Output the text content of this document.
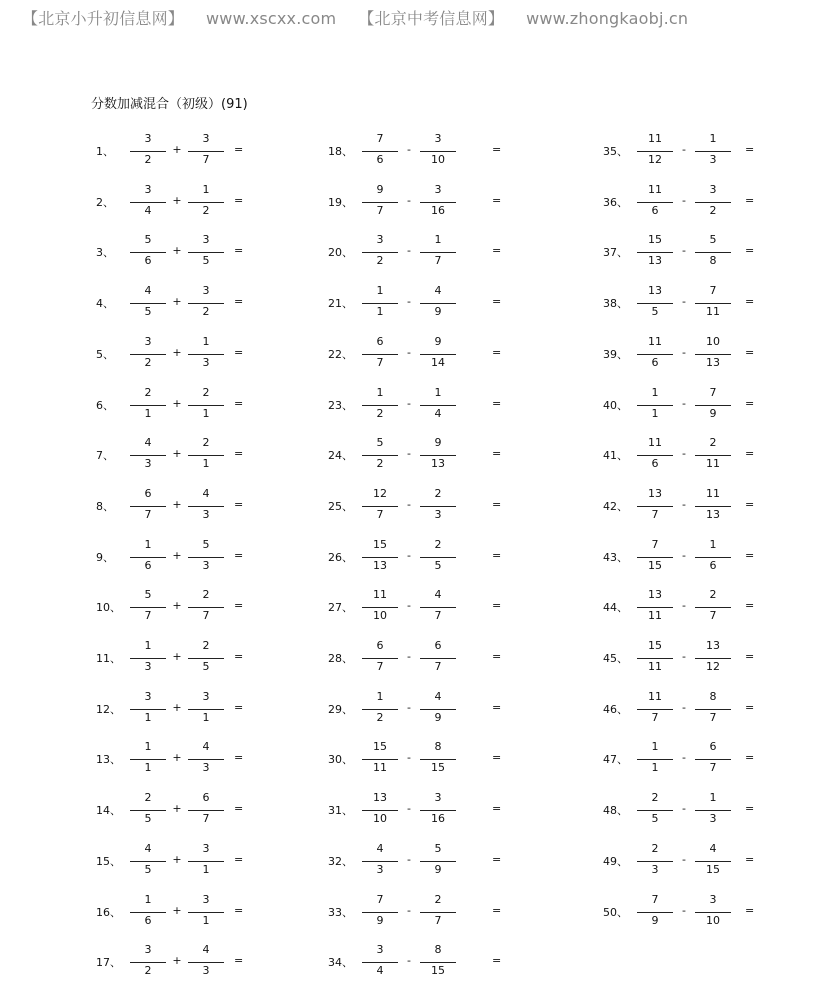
【北京小升初信息网】 www.xscxx.com 【北京中考信息网】 www.zhongkaobj.cn
分数加减混合（初级）(91)
1、
3
2
+
3
7
=
2、
3
4
+
1
2
=
3、
5
6
+
3
5
=
4、
4
5
+
3
2
=
5、
3
2
+
1
3
=
6、
2
1
+
2
1
=
7、
4
3
+
2
1
=
8、
6
7
+
4
3
=
9、
1
6
+
5
3
=
10、
5
7
+
2
7
=
11、
1
3
+
2
5
=
12、
3
1
+
3
1
=
13、
1
1
+
4
3
=
14、
2
5
+
6
7
=
15、
4
5
+
3
1
=
16、
1
6
+
3
1
=
17、
3
2
+
4
3
=
18、
7
6
-
3
10
=
19、
9
7
-
3
16
=
20、
3
2
-
1
7
=
21、
1
1
-
4
9
=
22、
6
7
-
9
14
=
23、
1
2
-
1
4
=
24、
5
2
-
9
13
=
25、
12
7
-
2
3
=
26、
15
13
-
2
5
=
27、
11
10
-
4
7
=
28、
6
7
-
6
7
=
29、
1
2
-
4
9
=
30、
15
11
-
8
15
=
31、
13
10
-
3
16
=
32、
4
3
-
5
9
=
33、
7
9
-
2
7
=
34、
3
4
-
8
15
=
35、
11
12
-
1
3
=
36、
11
6
-
3
2
=
37、
15
13
-
5
8
=
38、
13
5
-
7
11
=
39、
11
6
-
10
13
=
40、
1
1
-
7
9
=
41、
11
6
-
2
11
=
42、
13
7
-
11
13
=
43、
7
15
-
1
6
=
44、
13
11
-
2
7
=
45、
15
11
-
13
12
=
46、
11
7
-
8
7
=
47、
1
1
-
6
7
=
48、
2
5
-
1
3
=
49、
2
3
-
4
15
=
50、
7
9
-
3
10
=
